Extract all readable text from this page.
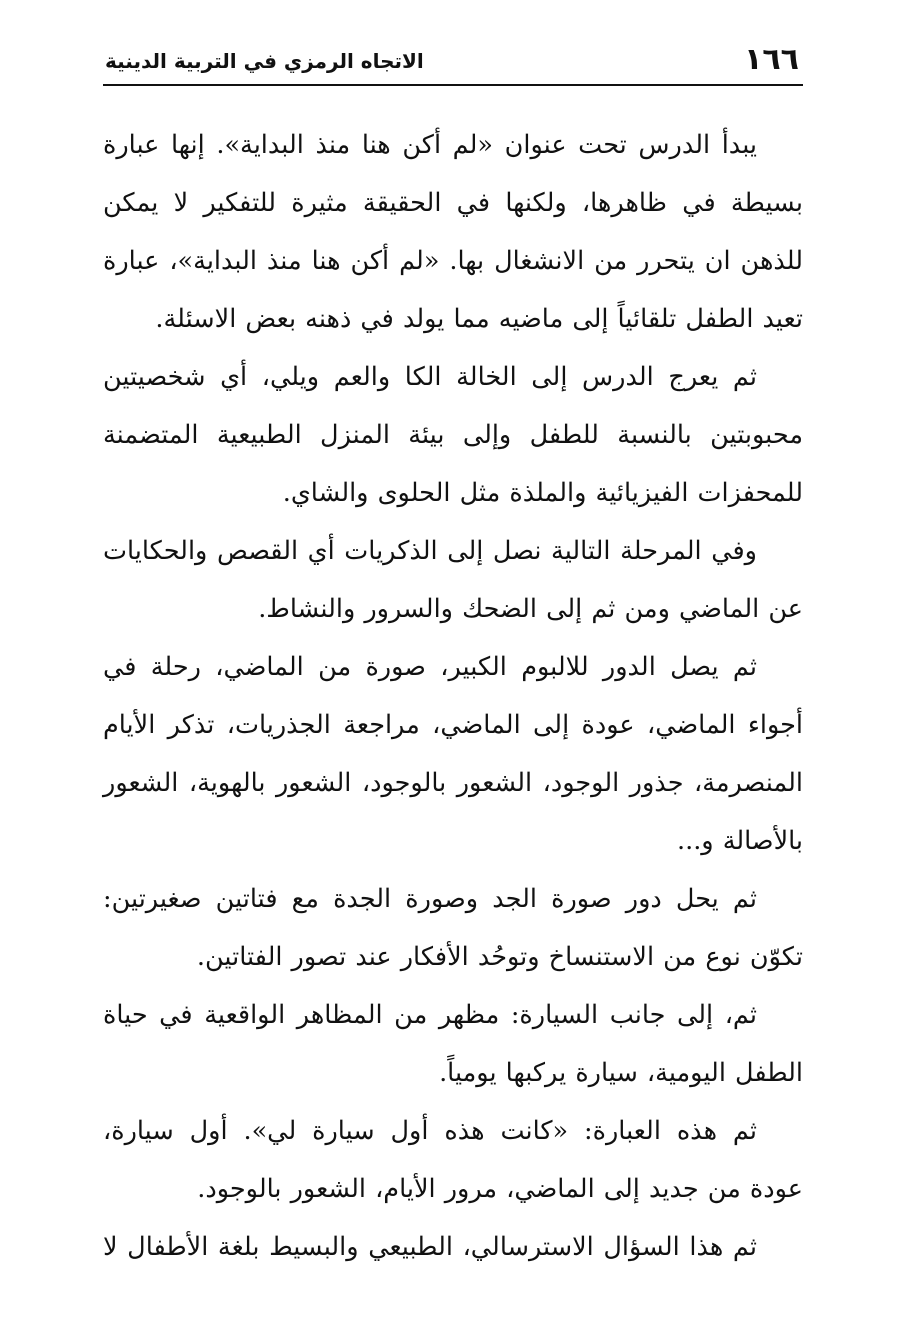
١٦٦
الاتجاه الرمزي في التربية الدينية

يبدأ الدرس تحت عنوان «لم أكن هنا منذ البداية». إنها عبارة بسيطة في ظاهرها، ولكنها في الحقيقة مثيرة للتفكير لا يمكن للذهن ان يتحرر من الانشغال بها. «لم أكن هنا منذ البداية»، عبارة تعيد الطفل تلقائياً إلى ماضيه مما يولد في ذهنه بعض الاسئلة.

ثم يعرج الدرس إلى الخالة الكا والعم ويلي، أي شخصيتين محبوبتين بالنسبة للطفل وإلى بيئة المنزل الطبيعية المتضمنة للمحفزات الفيزيائية والملذة مثل الحلوى والشاي.

وفي المرحلة التالية نصل إلى الذكريات أي القصص والحكايات عن الماضي ومن ثم إلى الضحك والسرور والنشاط.

ثم يصل الدور للالبوم الكبير، صورة من الماضي، رحلة في أجواء الماضي، عودة إلى الماضي، مراجعة الجذريات، تذكر الأيام المنصرمة، جذور الوجود، الشعور بالوجود، الشعور بالهوية، الشعور بالأصالة و...

ثم يحل دور صورة الجد وصورة الجدة مع فتاتين صغيرتين: تكوّن نوع من الاستنساخ وتوحُد الأفكار عند تصور الفتاتين.

ثم، إلى جانب السيارة: مظهر من المظاهر الواقعية في حياة الطفل اليومية، سيارة يركبها يومياً.

ثم هذه العبارة: «كانت هذه أول سيارة لي». أول سيارة، عودة من جديد إلى الماضي، مرور الأيام، الشعور بالوجود.

ثم هذا السؤال الاسترسالي، الطبيعي والبسيط بلغة الأطفال لا
